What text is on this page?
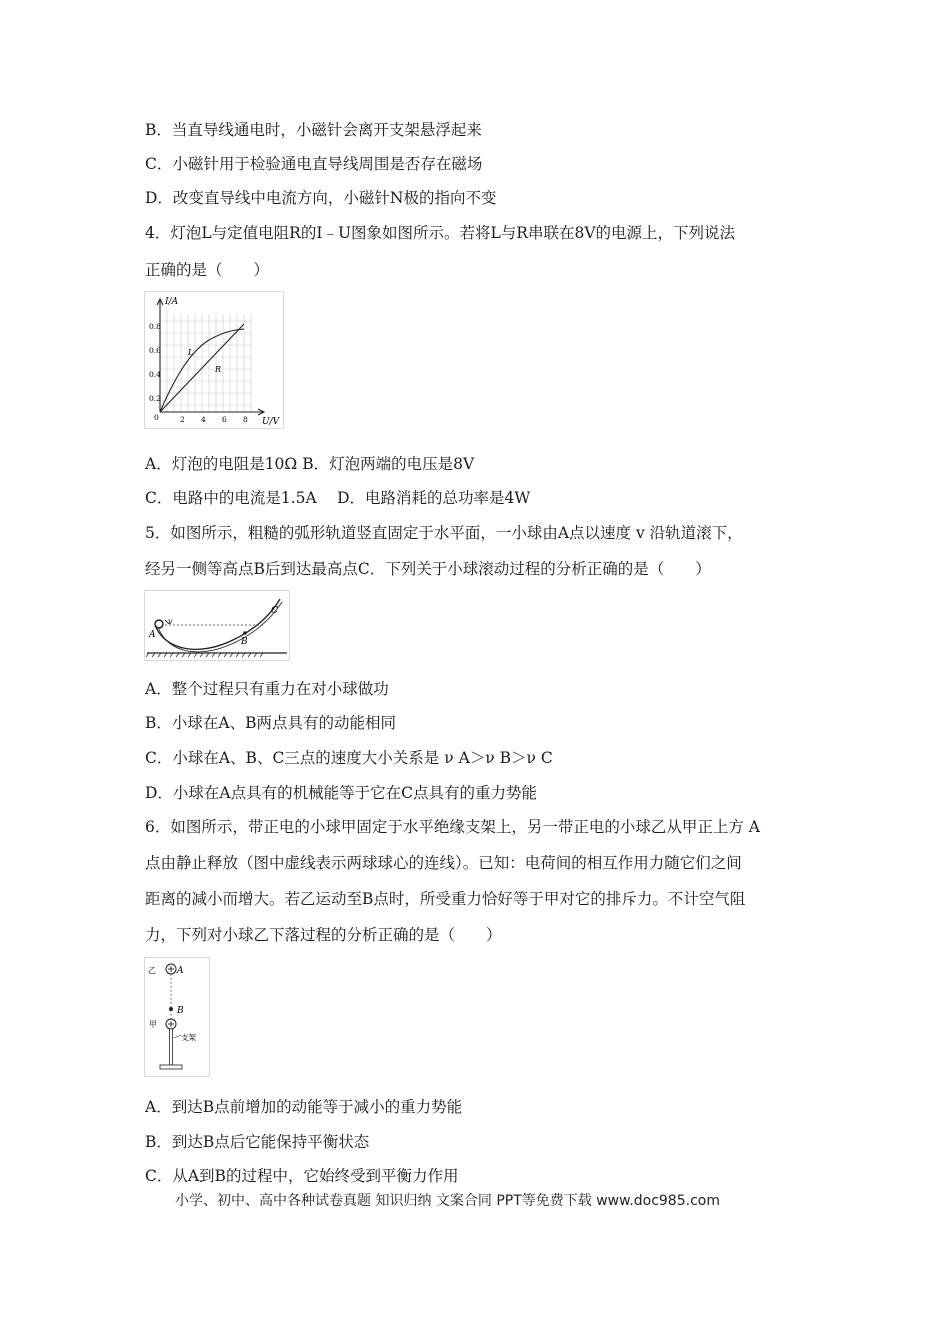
B．当直导线通电时，小磁针会离开支架悬浮起来
C．小磁针用于检验通电直导线周围是否存在磁场
D．改变直导线中电流方向，小磁针N极的指向不变
4．灯泡L与定值电阻R的I﹣U图象如图所示。若将L与R串联在8V的电源上，下列说法
正确的是（　　）
I/A
U/V
0.8
0.6
0.4
0.2
0	2 4 6 8
L
R
A．灯泡的电阻是10Ω B．灯泡两端的电压是8V
C．电路中的电流是1.5A　 D．电路消耗的总功率是4W
5．如图所示，粗糙的弧形轨道竖直固定于水平面，一小球由A点以速度 v 沿轨道滚下，
经另一侧等高点B后到达最高点C．下列关于小球滚动过程的分析正确的是（　　）
A
v
B
C
A．整个过程只有重力在对小球做功
B．小球在A、B两点具有的动能相同
C．小球在A、B、C三点的速度大小关系是 ν A＞ν B＞ν C
D．小球在A点具有的机械能等于它在C点具有的重力势能
6．如图所示，带正电的小球甲固定于水平绝缘支架上，另一带正电的小球乙从甲正上方 A
点由静止释放（图中虚线表示两球球心的连线）。已知：电荷间的相互作用力随它们之间
距离的减小而增大。若乙运动至B点时，所受重力恰好等于甲对它的排斥力。不计空气阻
力，下列对小球乙下落过程的分析正确的是（　　）
乙 A
B
甲
支架
A．到达B点前增加的动能等于减小的重力势能
B．到达B点后它能保持平衡状态
C．从A到B的过程中，它始终受到平衡力作用
小学、初中、高中各种试卷真题 知识归纳 文案合同 PPT等免费下载 www.doc985.com
